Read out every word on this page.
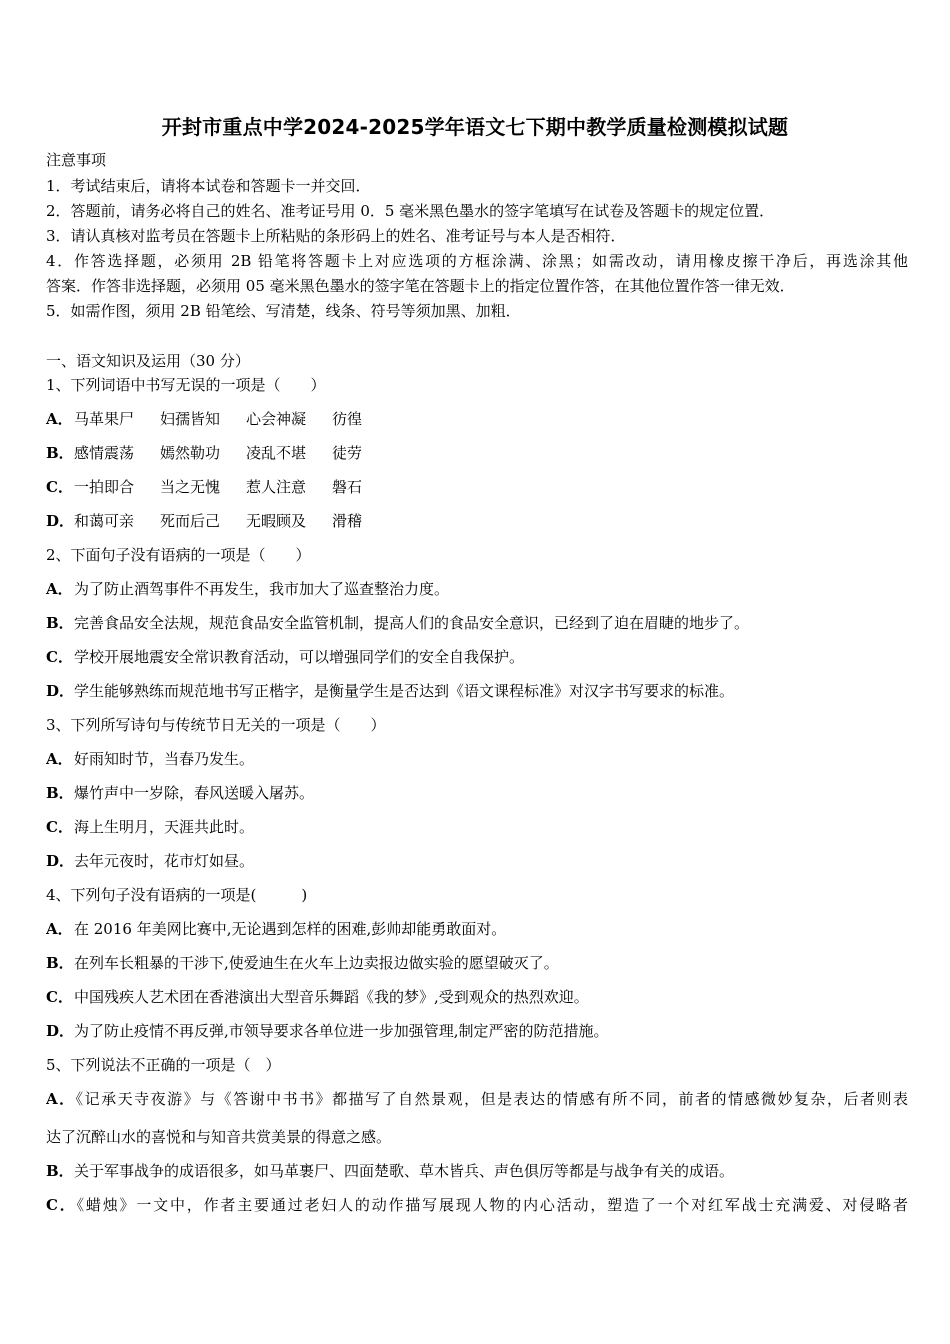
开封市重点中学2024-2025学年语文七下期中教学质量检测模拟试题
注意事项
1．考试结束后，请将本试卷和答题卡一并交回．
2．答题前，请务必将自己的姓名、准考证号用 0．5 毫米黑色墨水的签字笔填写在试卷及答题卡的规定位置．
3．请认真核对监考员在答题卡上所粘贴的条形码上的姓名、准考证号与本人是否相符．
4．作答选择题，必须用 2B 铅笔将答题卡上对应选项的方框涂满、涂黑；如需改动，请用橡皮擦干净后，再选涂其他
答案．作答非选择题，必须用 05 毫米黑色墨水的签字笔在答题卡上的指定位置作答，在其他位置作答一律无效．
5．如需作图，须用 2B 铅笔绘、写清楚，线条、符号等须加黑、加粗．
一、语文知识及运用（30 分）
1、下列词语中书写无误的一项是（　　）
A．马革果尸 妇孺皆知 心会神凝 彷徨
B．感情震荡 嫣然勒功 凌乱不堪 徒劳
C．一拍即合 当之无愧 惹人注意 磐石
D．和蔼可亲 死而后己 无暇顾及 滑稽
2、下面句子没有语病的一项是（　　）
A．为了防止酒驾事件不再发生，我市加大了巡查整治力度。
B．完善食品安全法规，规范食品安全监管机制，提高人们的食品安全意识，已经到了迫在眉睫的地步了。
C．学校开展地震安全常识教育活动，可以增强同学们的安全自我保护。
D．学生能够熟练而规范地书写正楷字，是衡量学生是否达到《语文课程标准》对汉字书写要求的标准。
3、下列所写诗句与传统节日无关的一项是（　　）
A．好雨知时节，当春乃发生。
B．爆竹声中一岁除，春风送暖入屠苏。
C．海上生明月，天涯共此时。
D．去年元夜时，花市灯如昼。
4、下列句子没有语病的一项是(　　　)
A．在 2016 年美网比赛中,无论遇到怎样的困难,彭帅却能勇敢面对。
B．在列车长粗暴的干涉下,使爱迪生在火车上边卖报边做实验的愿望破灭了。
C．中国残疾人艺术团在香港演出大型音乐舞蹈《我的梦》,受到观众的热烈欢迎。
D．为了防止疫情不再反弹,市领导要求各单位进一步加强管理,制定严密的防范措施。
5、下列说法不正确的一项是（　）
A．《记承天寺夜游》与《答谢中书书》都描写了自然景观，但是表达的情感有所不同，前者的情感微妙复杂，后者则表
达了沉醉山水的喜悦和与知音共赏美景的得意之感。
B．关于军事战争的成语很多，如马革裹尸、四面楚歌、草木皆兵、声色俱厉等都是与战争有关的成语。
C．《蜡烛》一文中，作者主要通过老妇人的动作描写展现人物的内心活动，塑造了一个对红军战士充满爱、对侵略者
